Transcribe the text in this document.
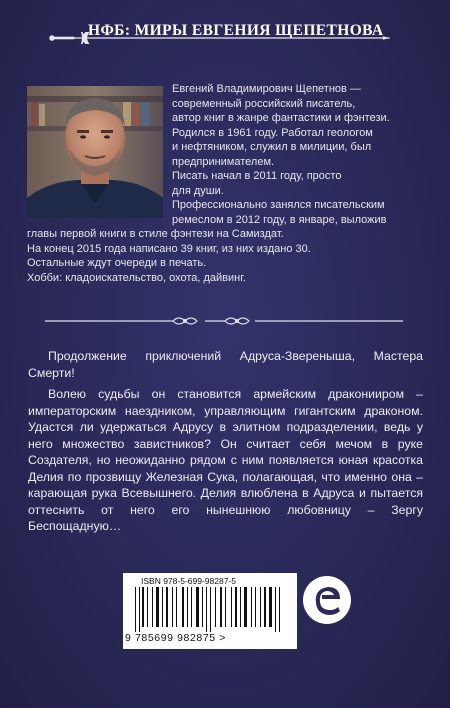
НФБ: МИРЫ ЕВГЕНИЯ ЩЕПЕТНОВА
Евгений Владимирович Щепетнов —
современный российский писатель,
автор книг в жанре фантастики и фэнтези.
Родился в 1961 году. Работал геологом
и нефтяником, служил в милиции, был
предпринимателем.
Писать начал в 2011 году, просто
для души.
Профессионально занялся писательским
ремеслом в 2012 году, в январе, выложив
главы первой книги в стиле фэнтези на Самиздат.
На конец 2015 года написано 39 книг, из них издано 30.
Остальные ждут очереди в печать.
Хобби: кладоискательство, охота, дайвинг.
Продолжение приключений Адруса-Звереныша, Мастера Смерти!
Волею судьбы он становится армейским драконииром – императорским наездником, управляющим гигантским драконом. Удастся ли удержаться Адрусу в элитном подразделении, ведь у него множество завистников? Он считает себя мечом в руке Создателя, но неожиданно рядом с ним появляется юная красотка Делия по прозвищу Железная Сука, полагающая, что именно она – карающая рука Всевышнего. Делия влюблена в Адруса и пытается оттеснить от него его нынешнюю любовницу – Зергу Беспощадную…
ISBN 978-5-699-98287-5
9 785699 982875 >
